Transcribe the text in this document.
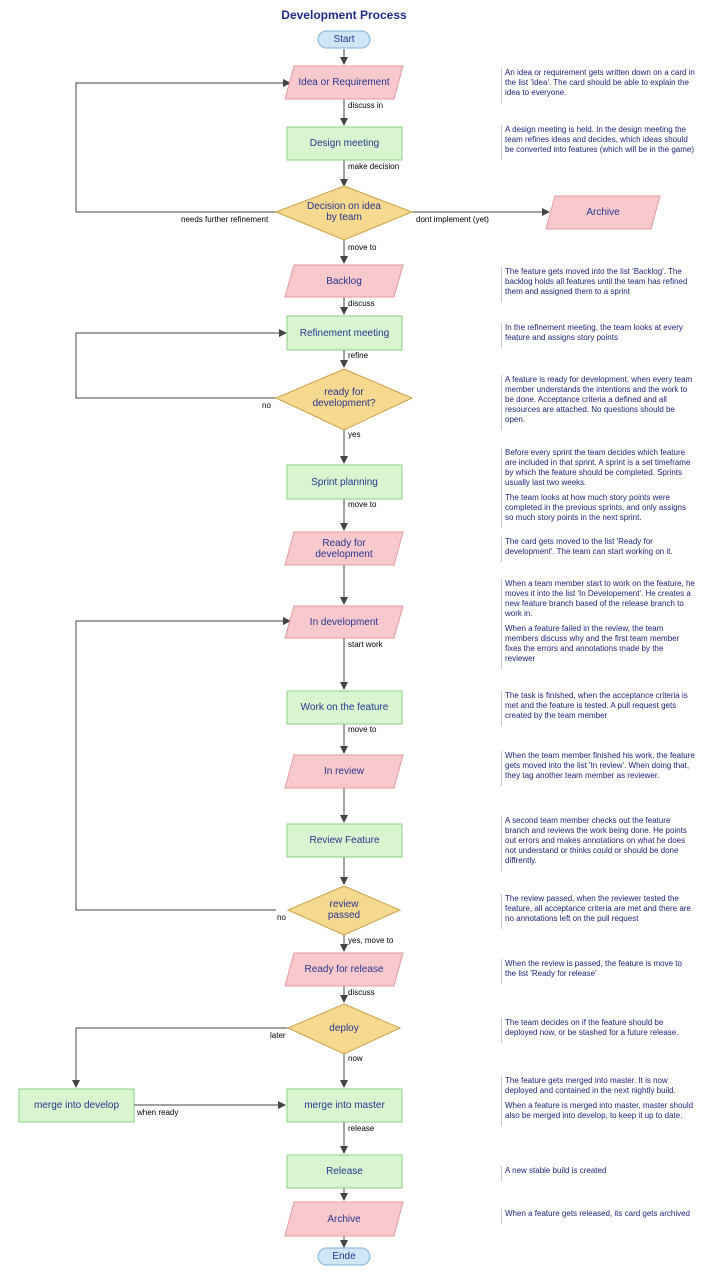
Development Process
Start
Idea or Requirement
Design meeting
Decision on idea by team	Archive
Backlog
Refinement meeting
ready for development?
Sprint planning
Ready for development
In development
Work on the feature
In review
Review Feature
review passed
Ready for release
deploy
merge into develop	merge into master
Release
Archive
Ende
discuss in
make decision
needs further refinement	dont implement (yet)
move to
discuss
refine
no
yes
move to
start work
move to
no
yes, move to
discuss
later
now
when ready
release

An idea or requirement gets written down on a card in the list 'Idea'. The card should be able to explain the idea to everyone.

A design meeting is held. In the design meeting the team refines ideas and decides, which ideas should be converted into features (which will be in the game)

The feature gets moved into the list 'Backlog'. The backlog holds all features until the team has refined them and assigned them to a sprint

In the refinement meeting, the team looks at every feature and assigns story points

A feature is ready for development, when every team member understands the intentions and the work to be done. Acceptance criteria a defined and all resources are attached. No questions should be open.

Before every sprint the team decides which feature are included in that sprint. A sprint is a set timeframe by which the feature should be completed. Sprints usually last two weeks.

The team looks at how much story points were completed in the previous sprints, and only assigns so much story points in the next sprint.

The card gets moved to the list 'Ready for development'. The team can start working on it.

When a team member start to work on the feature, he moves it into the list 'In Developement'. He creates a new feature branch based of the release branch to work in.

When a feature failed in the review, the team members discuss why and the first team member fixes the errors and annotations made by the reviewer

The task is finished, when the acceptance criteria is met and the feature is tested. A pull request gets created by the team member

When the team member finished his work, the feature gets moved into the list 'In review'. When doing that, they tag another team member as reviewer.

A second team member checks out the feature branch and reviews the work being done. He points out errors and makes annotations on what he does not understand or thinks could or should be done diffrently.

The review passed, when the reviewer tested the feature, all acceptance criteria are met and there are no annotations left on the pull request

When the review is passed, the feature is move to the list 'Ready for release'

The team decides on if the feature should be deployed now, or be stashed for a future release.

The feature gets merged into master. It is now deployed and contained in the next nightly build.

When a feature is merged into master, master should also be merged into develop, to keep it up to date.

A new stable build is created

When a feature gets released, its card gets archived
